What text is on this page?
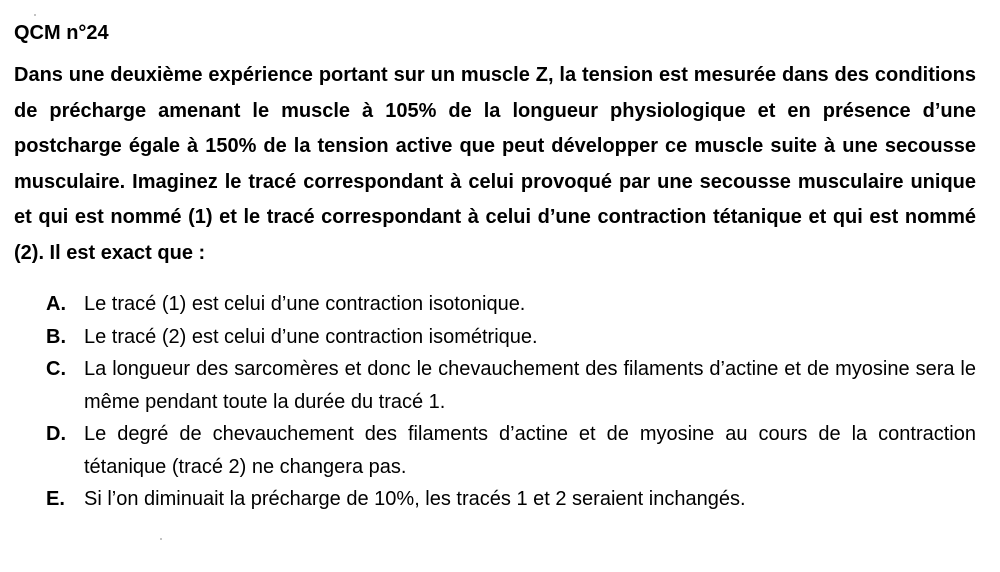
QCM n°24
Dans une deuxième expérience portant sur un muscle Z, la tension est mesurée dans des conditions de précharge amenant le muscle à 105% de la longueur physiologique et en présence d’une postcharge égale à 150% de la tension active que peut développer ce muscle suite à une secousse musculaire. Imaginez le tracé correspondant à celui provoqué par une secousse musculaire unique et qui est nommé (1) et le tracé correspondant à celui d’une contraction tétanique et qui est nommé (2). Il est exact que :
A. Le tracé (1) est celui d’une contraction isotonique.
B. Le tracé (2) est celui d’une contraction isométrique.
C. La longueur des sarcomères et donc le chevauchement des filaments d’actine et de myosine sera le même pendant toute la durée du tracé 1.
D. Le degré de chevauchement des filaments d’actine et de myosine au cours de la contraction tétanique (tracé 2) ne changera pas.
E. Si l’on diminuait la précharge de 10%, les tracés 1 et 2 seraient inchangés.
